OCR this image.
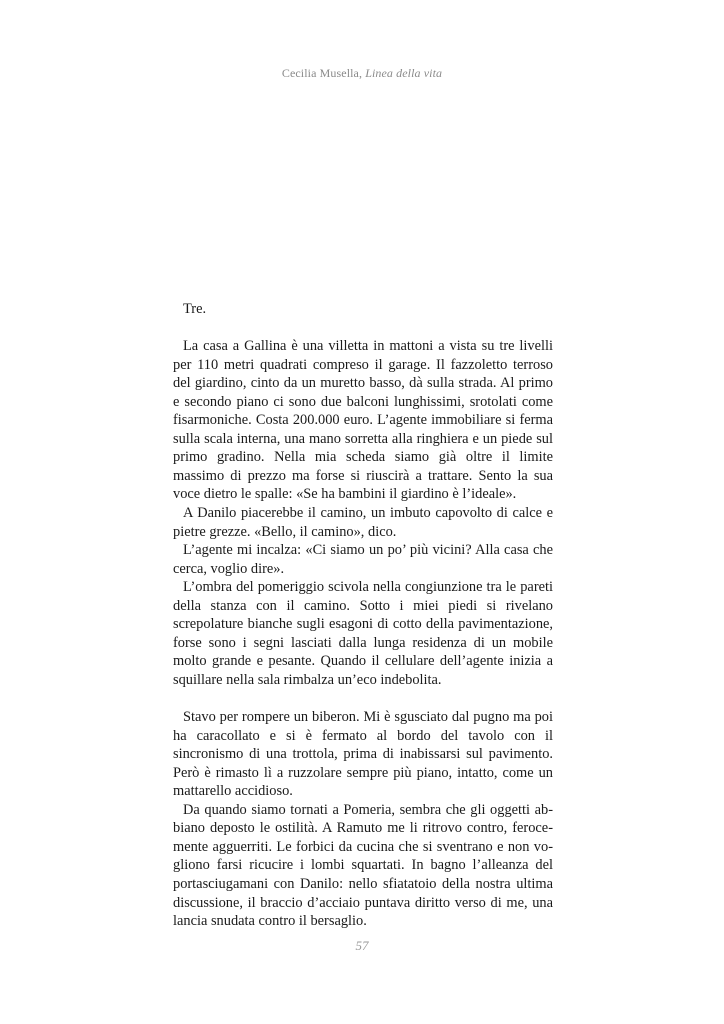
Cecilia Musella, Linea della vita

Tre.

La casa a Gallina è una villetta in mattoni a vista su tre livelli per 110 metri quadrati compreso il garage. Il fazzoletto terroso del giardino, cinto da un muretto basso, dà sulla strada. Al primo e secondo piano ci sono due balconi lunghissimi, srotolati come fisarmoniche. Costa 200.000 euro. L’agente immobiliare si ferma sulla scala interna, una mano sorretta alla ringhiera e un piede sul primo gradino. Nella mia scheda siamo già oltre il limite massimo di prezzo ma forse si riuscirà a trattare. Sento la sua voce dietro le spalle: «Se ha bambini il giardino è l’ideale».

A Danilo piacerebbe il camino, un imbuto capovolto di calce e pietre grezze. «Bello, il camino», dico.

L’agente mi incalza: «Ci siamo un po’ più vicini? Alla casa che cerca, voglio dire».

L’ombra del pomeriggio scivola nella congiunzione tra le pareti della stanza con il camino. Sotto i miei piedi si rivelano screpolature bianche sugli esagoni di cotto della pavimentazione, forse sono i segni lasciati dalla lunga residenza di un mobile molto grande e pesante. Quando il cellulare dell’agente inizia a squillare nella sala rimbalza un’eco indebolita.

Stavo per rompere un biberon. Mi è sgusciato dal pugno ma poi ha caracollato e si è fermato al bordo del tavolo con il sincronismo di una trottola, prima di inabissarsi sul pavimento. Però è rimasto lì a ruzzolare sempre più piano, intatto, come un mattarello accidioso.

Da quando siamo tornati a Pomeria, sembra che gli oggetti abbiano deposto le ostilità. A Ramuto me li ritrovo contro, ferocemente agguerriti. Le forbici da cucina che si sventrano e non vogliono farsi ricucire i lombi squartati. In bagno l’alleanza del portasciugamani con Danilo: nello sfiatatoio della nostra ultima discussione, il braccio d’acciaio puntava diritto verso di me, una lancia snudata contro il bersaglio.

57
